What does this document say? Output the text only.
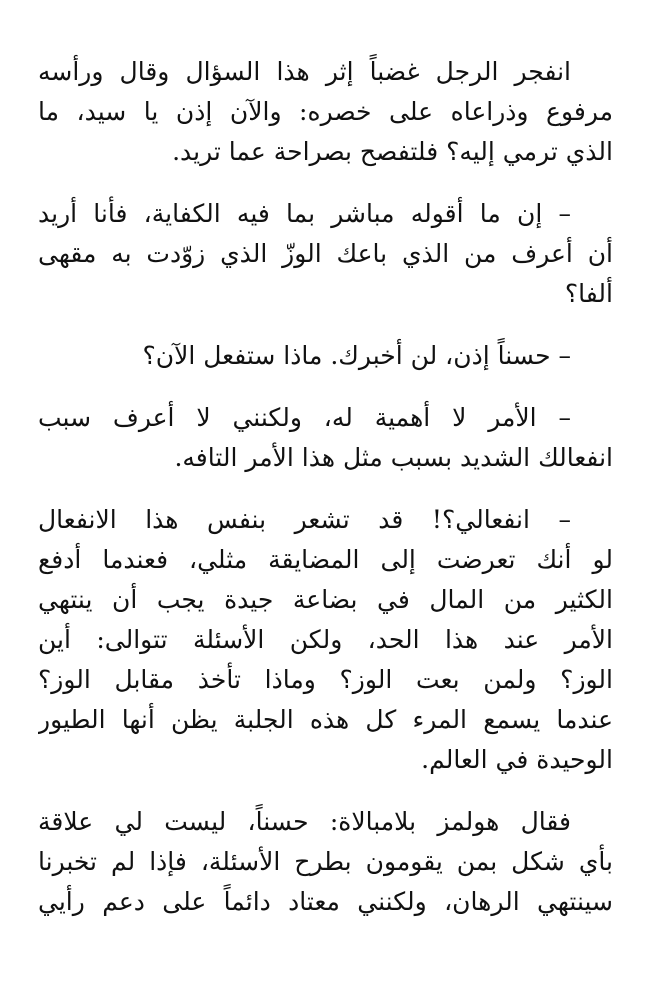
انفجر الرجل غضباً إثر هذا السؤال وقال ورأسه
مرفوع وذراعاه على خصره: والآن إذن يا سيد، ما
الذي ترمي إليه؟ فلتفصح بصراحة عما تريد.
– إن ما أقوله مباشر بما فيه الكفاية، فأنا أريد
أن أعرف من الذي باعك الوزّ الذي زوّدت به مقهى
ألفا؟
– حسناً إذن، لن أخبرك. ماذا ستفعل الآن؟
– الأمر لا أهمية له، ولكنني لا أعرف سبب
انفعالك الشديد بسبب مثل هذا الأمر التافه.
– انفعالي؟! قد تشعر بنفس هذا الانفعال
لو أنك تعرضت إلى المضايقة مثلي، فعندما أدفع
الكثير من المال في بضاعة جيدة يجب أن ينتهي
الأمر عند هذا الحد، ولكن الأسئلة تتوالى: أين
الوز؟ ولمن بعت الوز؟ وماذا تأخذ مقابل الوز؟
عندما يسمع المرء كل هذه الجلبة يظن أنها الطيور
الوحيدة في العالم.
فقال هولمز بلامبالاة: حسناً، ليست لي علاقة
بأي شكل بمن يقومون بطرح الأسئلة، فإذا لم تخبرنا
سينتهي الرهان، ولكنني معتاد دائماً على دعم رأيي
